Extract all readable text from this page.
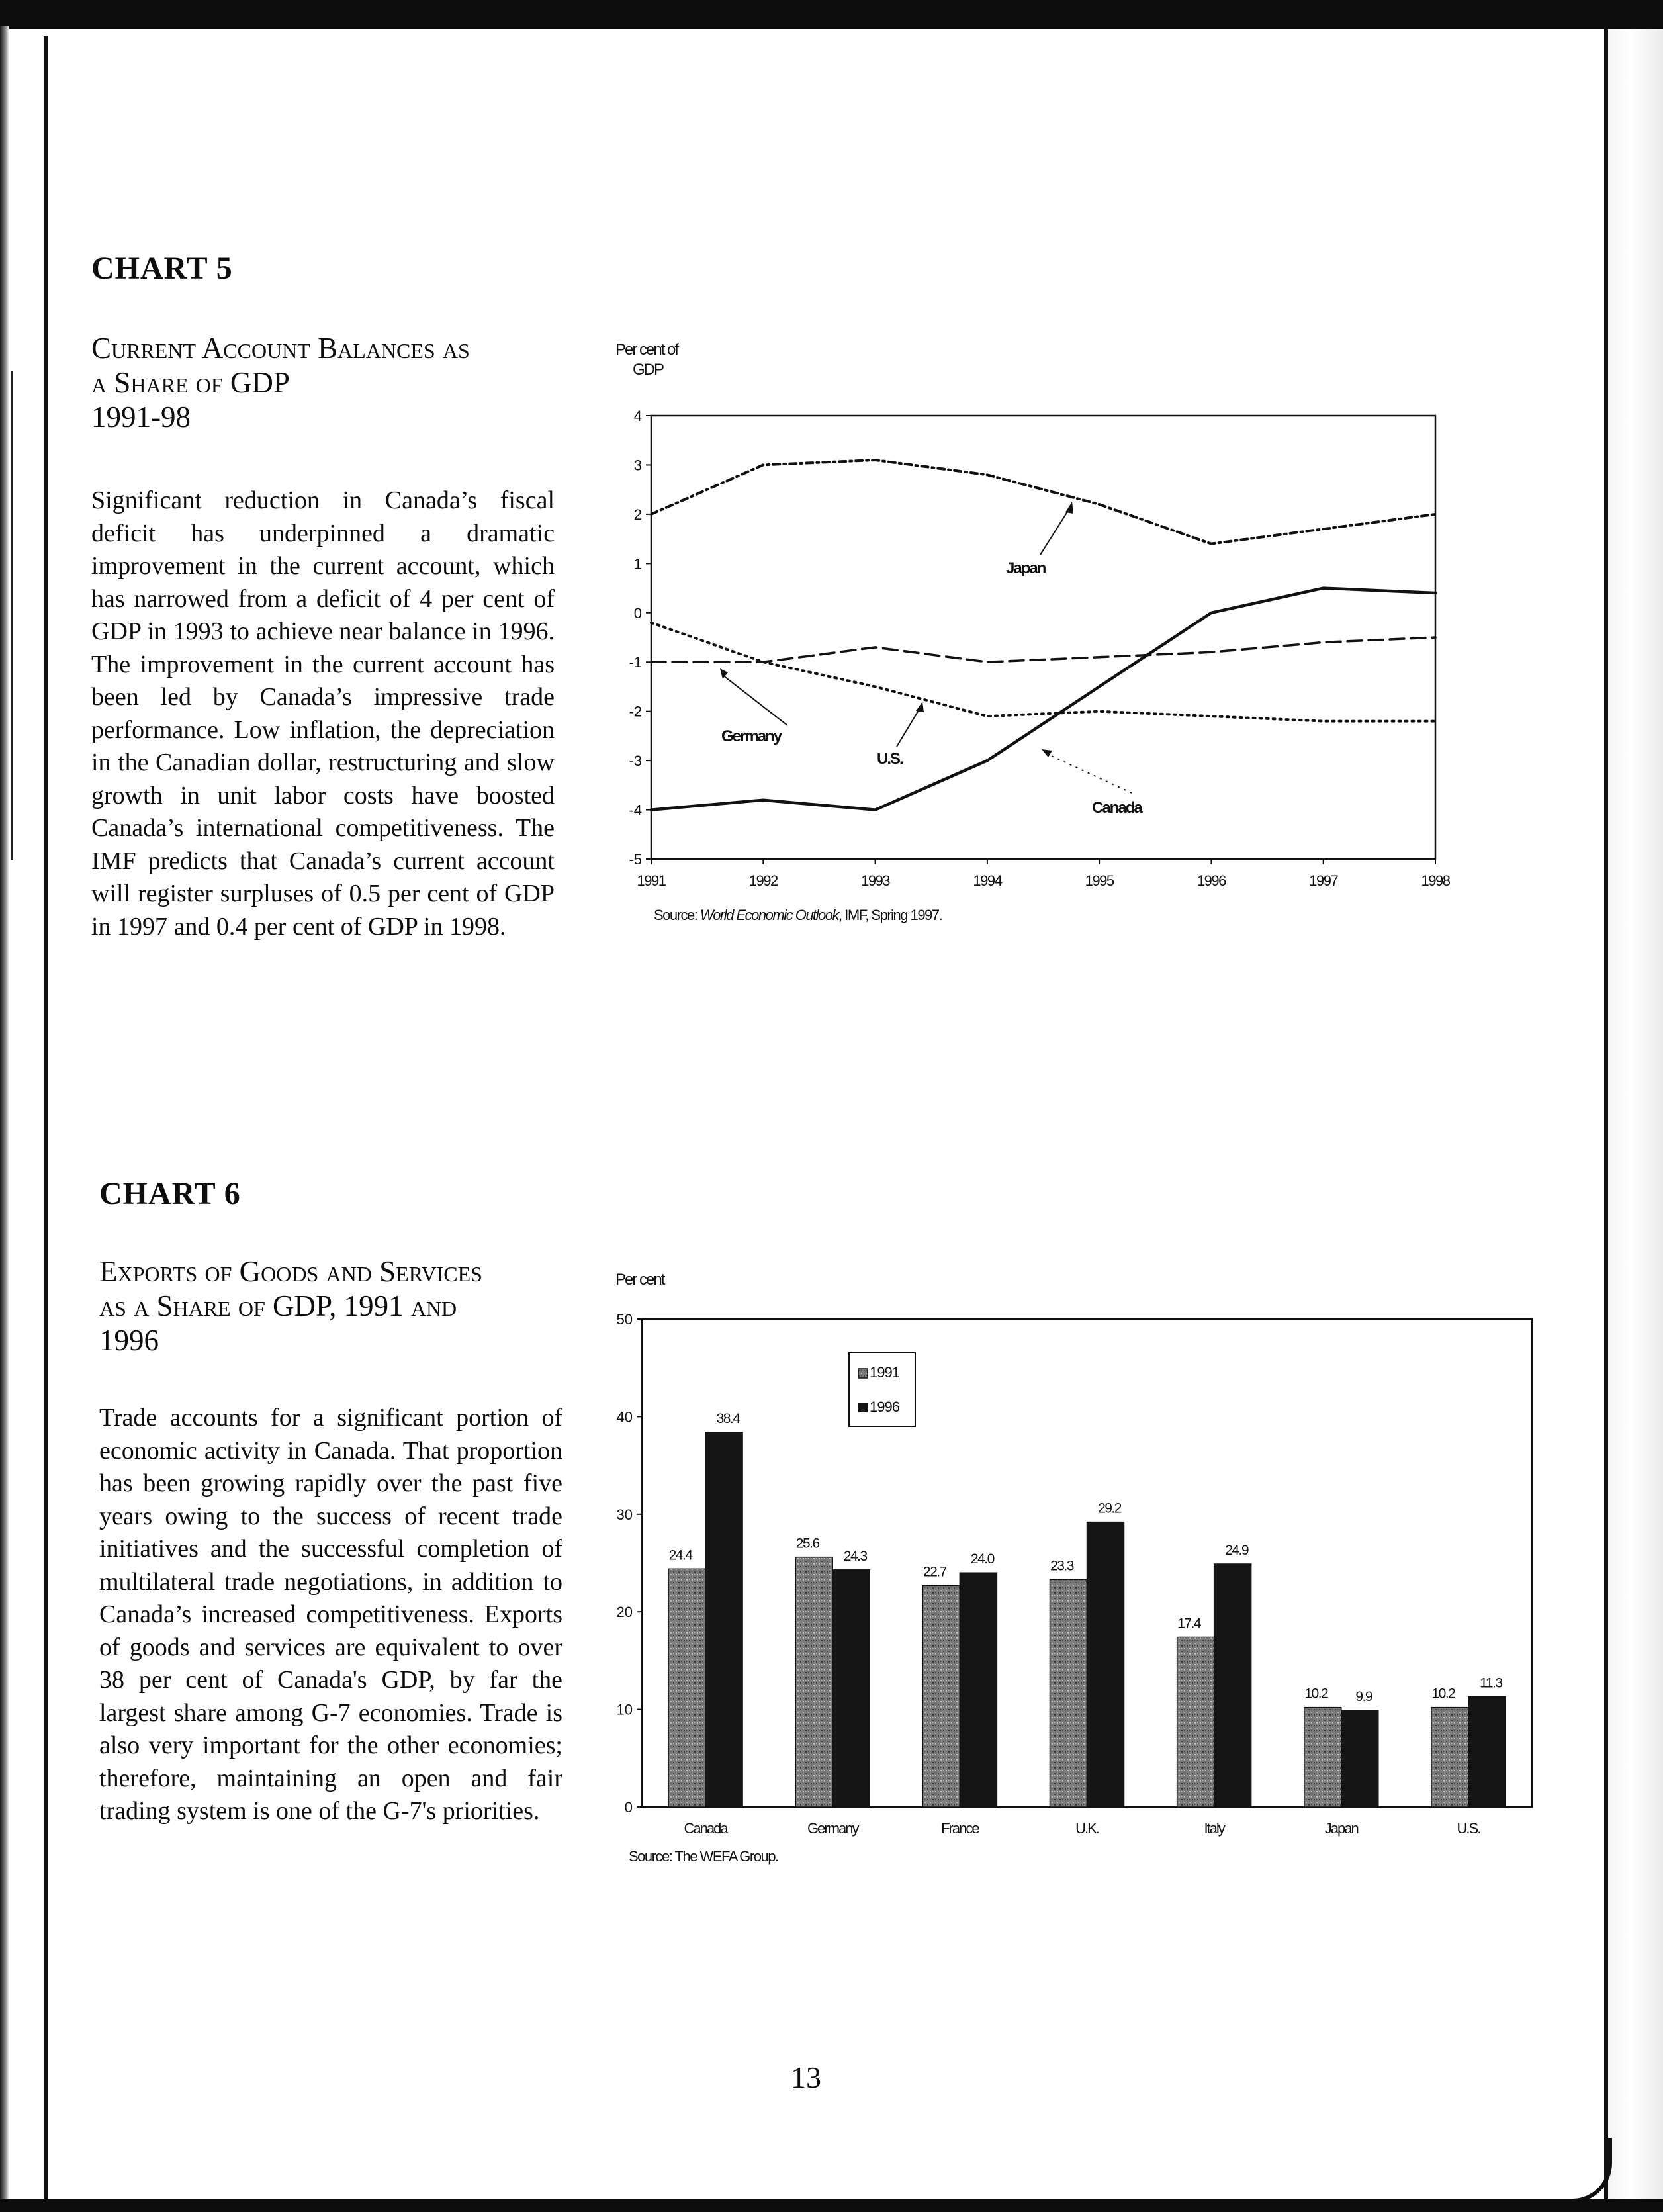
CHART 5
Current Account Balances as
a Share of GDP
1991-98
Significant reduction in Canada’s fiscal deficit has underpinned a dramatic improvement in the current account, which has narrowed from a deficit of 4 per cent of GDP in 1993 to achieve near balance in 1996. The improvement in the current account has been led by Canada’s impressive trade performance. Low inflation, the depreciation in the Canadian dollar, restructuring and slow growth in unit labor costs have boosted Canada’s international competitiveness. The IMF predicts that Canada’s current account will register surpluses of 0.5 per cent of GDP in 1997 and 0.4 per cent of GDP in 1998.
Per cent of
GDP
4
3
2
1
0
-1
-2
-3
-4
-5
1991	1992	1993	1994	1995	1996	1997	1998
Japan
Germany
U.S.
Canada
Source: World Economic Outlook, IMF, Spring 1997.
CHART 6
Exports of Goods and Services
as a Share of GDP, 1991 and
1996
Trade accounts for a significant portion of economic activity in Canada. That proportion has been growing rapidly over the past five years owing to the success of recent trade initiatives and the successful completion of multilateral trade negotiations, in addition to Canada’s increased competitiveness. Exports of goods and services are equivalent to over 38 per cent of Canada's GDP, by far the largest share among G-7 economies. Trade is also very important for the other economies; therefore, maintaining an open and fair trading system is one of the G-7's priorities.
Per cent
50
40
30
20
10
0
24.4
38.4
25.6
24.3
22.7
24.0	23.3
29.2
17.4
24.9
10.2 9.9	10.2
11.3
Canada	Germany	France	U.K.	Italy	Japan	U.S.
1991
1996
Source: The WEFA Group.
13
